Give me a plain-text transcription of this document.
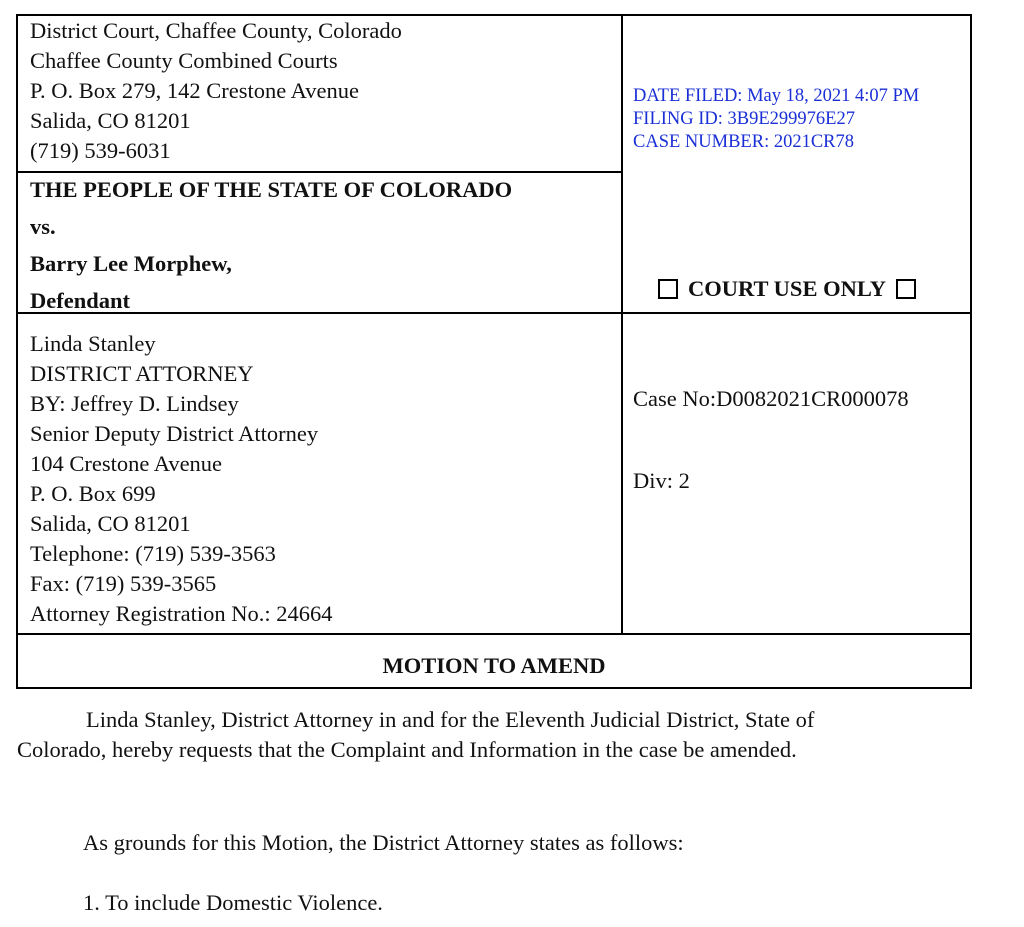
District Court, Chaffee County, Colorado
Chaffee County Combined Courts
P. O. Box 279, 142 Crestone Avenue
Salida, CO 81201
(719) 539-6031
THE PEOPLE OF THE STATE OF COLORADO
vs.
Barry Lee Morphew,
Defendant
DATE FILED: May 18, 2021 4:07 PM
FILING ID: 3B9E299976E27
CASE NUMBER: 2021CR78
COURT USE ONLY
Linda Stanley
DISTRICT ATTORNEY
BY: Jeffrey D. Lindsey
Senior Deputy District Attorney
104 Crestone Avenue
P. O. Box 699
Salida, CO 81201
Telephone: (719) 539-3563
Fax: (719) 539-3565
Attorney Registration No.: 24664
Case No:D0082021CR000078
Div: 2
MOTION TO AMEND
Linda Stanley, District Attorney in and for the Eleventh Judicial District, State of
Colorado, hereby requests that the Complaint and Information in the case be amended.
As grounds for this Motion, the District Attorney states as follows:
1. To include Domestic Violence.
